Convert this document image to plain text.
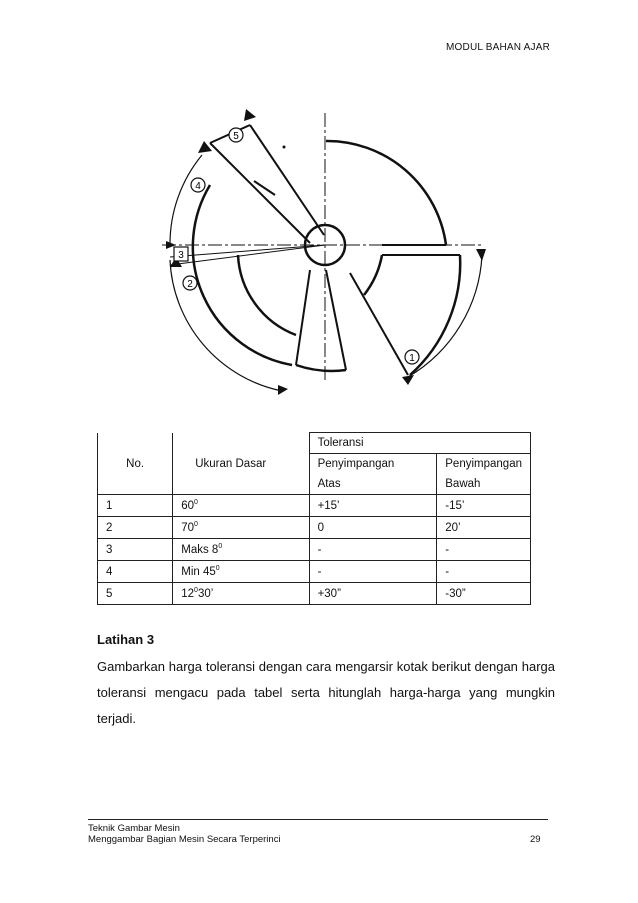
MODUL BAHAN AJAR
5
4
3
2
1
		Toleransi	
No.	Ukuran Dasar	Penyimpangan	Penyimpangan
		Atas	Bawah
1	$60^0$	+15'	-15’
2	$70^0$	0	20’
3	Maks $8^0$	-	-
4	Min $45^0$	-	-
5	$12^030$’	+30”	-30”
Latihan 3
Gambarkan harga toleransi dengan cara mengarsir kotak berikut dengan harga toleransi mengacu pada tabel serta hitunglah harga-harga yang mungkin terjadi.
Teknik Gambar Mesin
Menggambar Bagian Mesin Secara Terperinci	29
